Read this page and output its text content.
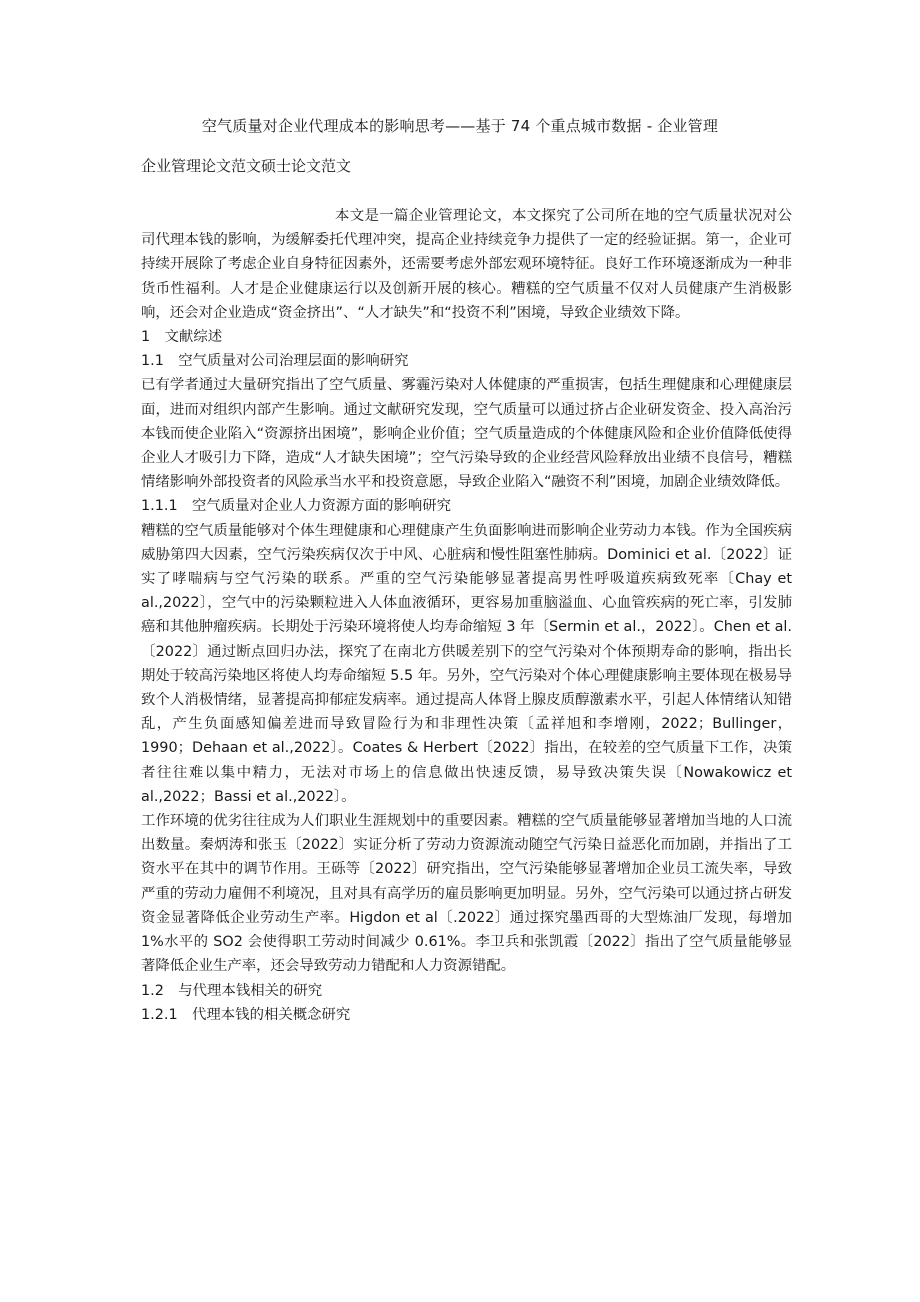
空气质量对企业代理成本的影响思考——基于 74 个重点城市数据 - 企业管理
企业管理论文范文硕士论文范文

本文是一篇企业管理论文，本文探究了公司所在地的空气质量状况对公司代理本钱的影响，为缓解委托代理冲突，提高企业持续竞争力提供了一定的经验证据。第一，企业可持续开展除了考虑企业自身特征因素外，还需要考虑外部宏观环境特征。良好工作环境逐渐成为一种非货币性福利。人才是企业健康运行以及创新开展的核心。糟糕的空气质量不仅对人员健康产生消极影响，还会对企业造成“资金挤出”、“人才缺失”和“投资不利”困境，导致企业绩效下降。

1　文献综述

1.1　空气质量对公司治理层面的影响研究

已有学者通过大量研究指出了空气质量、雾霾污染对人体健康的严重损害，包括生理健康和心理健康层面，进而对组织内部产生影响。通过文献研究发现，空气质量可以通过挤占企业研发资金、投入高治污本钱而使企业陷入“资源挤出困境”，影响企业价值；空气质量造成的个体健康风险和企业价值降低使得企业人才吸引力下降，造成“人才缺失困境”；空气污染导致的企业经营风险释放出业绩不良信号，糟糕情绪影响外部投资者的风险承当水平和投资意愿，导致企业陷入“融资不利”困境，加剧企业绩效降低。

1.1.1　空气质量对企业人力资源方面的影响研究

糟糕的空气质量能够对个体生理健康和心理健康产生负面影响进而影响企业劳动力本钱。作为全国疾病威胁第四大因素，空气污染疾病仅次于中风、心脏病和慢性阻塞性肺病。Dominici et al.〔2022〕证实了哮喘病与空气污染的联系。严重的空气污染能够显著提高男性呼吸道疾病致死率〔Chay et al.,2022〕，空气中的污染颗粒进入人体血液循环，更容易加重脑溢血、心血管疾病的死亡率，引发肺癌和其他肿瘤疾病。长期处于污染环境将使人均寿命缩短 3 年〔Sermin et al.，2022〕。Chen et al.〔2022〕通过断点回归办法，探究了在南北方供暖差别下的空气污染对个体预期寿命的影响，指出长期处于较高污染地区将使人均寿命缩短 5.5 年。另外，空气污染对个体心理健康影响主要体现在极易导致个人消极情绪，显著提高抑郁症发病率。通过提高人体肾上腺皮质醇激素水平，引起人体情绪认知错乱，产生负面感知偏差进而导致冒险行为和非理性决策〔孟祥旭和李增刚，2022；Bullinger，1990；Dehaan et al.,2022〕。Coates & Herbert〔2022〕指出，在较差的空气质量下工作，决策者往往难以集中精力，无法对市场上的信息做出快速反馈，易导致决策失误〔Nowakowicz et al.,2022；Bassi et al.,2022〕。

工作环境的优劣往往成为人们职业生涯规划中的重要因素。糟糕的空气质量能够显著增加当地的人口流出数量。秦炳涛和张玉〔2022〕实证分析了劳动力资源流动随空气污染日益恶化而加剧，并指出了工资水平在其中的调节作用。王砾等〔2022〕研究指出，空气污染能够显著增加企业员工流失率，导致严重的劳动力雇佣不利境况，且对具有高学历的雇员影响更加明显。另外，空气污染可以通过挤占研发资金显著降低企业劳动生产率。Higdon et al〔.2022〕通过探究墨西哥的大型炼油厂发现，每增加 1%水平的 SO2 会使得职工劳动时间减少 0.61%。李卫兵和张凯霞〔2022〕指出了空气质量能够显著降低企业生产率，还会导致劳动力错配和人力资源错配。

1.2　与代理本钱相关的研究

1.2.1　代理本钱的相关概念研究
